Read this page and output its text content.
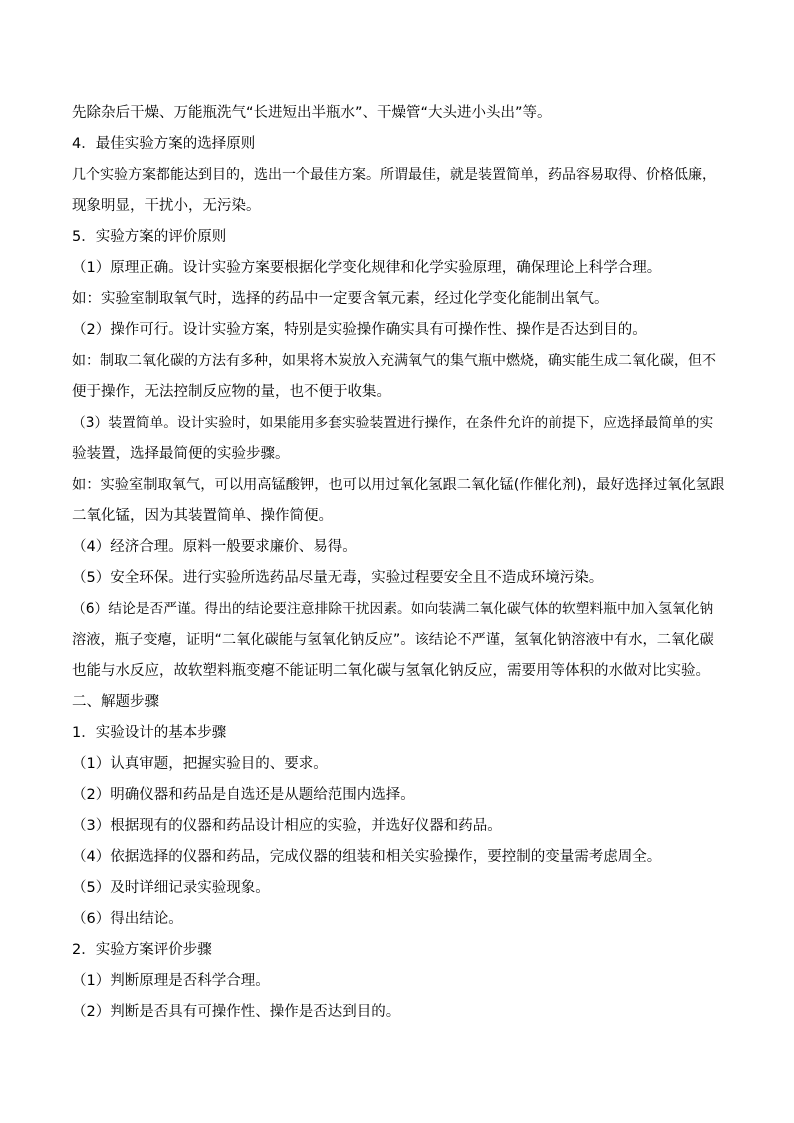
先除杂后干燥、万能瓶洗气“长进短出半瓶水”、干燥管“大头进小头出”等。

4．最佳实验方案的选择原则

几个实验方案都能达到目的，选出一个最佳方案。所谓最佳，就是装置简单，药品容易取得、价格低廉，

现象明显，干扰小，无污染。

5．实验方案的评价原则

（1）原理正确。设计实验方案要根据化学变化规律和化学实验原理，确保理论上科学合理。

如：实验室制取氧气时，选择的药品中一定要含氧元素，经过化学变化能制出氧气。

（2）操作可行。设计实验方案，特别是实验操作确实具有可操作性、操作是否达到目的。

如：制取二氧化碳的方法有多种，如果将木炭放入充满氧气的集气瓶中燃烧，确实能生成二氧化碳，但不

便于操作，无法控制反应物的量，也不便于收集。

（3）装置简单。设计实验时，如果能用多套实验装置进行操作，在条件允许的前提下，应选择最简单的实

验装置，选择最简便的实验步骤。

如：实验室制取氧气，可以用高锰酸钾，也可以用过氧化氢跟二氧化锰(作催化剂)，最好选择过氧化氢跟

二氧化锰，因为其装置简单、操作简便。

（4）经济合理。原料一般要求廉价、易得。

（5）安全环保。进行实验所选药品尽量无毒，实验过程要安全且不造成环境污染。

（6）结论是否严谨。得出的结论要注意排除干扰因素。如向装满二氧化碳气体的软塑料瓶中加入氢氧化钠

溶液，瓶子变瘪，证明“二氧化碳能与氢氧化钠反应”。该结论不严谨，氢氧化钠溶液中有水，二氧化碳

也能与水反应，故软塑料瓶变瘪不能证明二氧化碳与氢氧化钠反应，需要用等体积的水做对比实验。

二、解题步骤

1．实验设计的基本步骤

（1）认真审题，把握实验目的、要求。

（2）明确仪器和药品是自选还是从题给范围内选择。

（3）根据现有的仪器和药品设计相应的实验，并选好仪器和药品。

（4）依据选择的仪器和药品，完成仪器的组装和相关实验操作，要控制的变量需考虑周全。

（5）及时详细记录实验现象。

（6）得出结论。

2．实验方案评价步骤

（1）判断原理是否科学合理。

（2）判断是否具有可操作性、操作是否达到目的。
